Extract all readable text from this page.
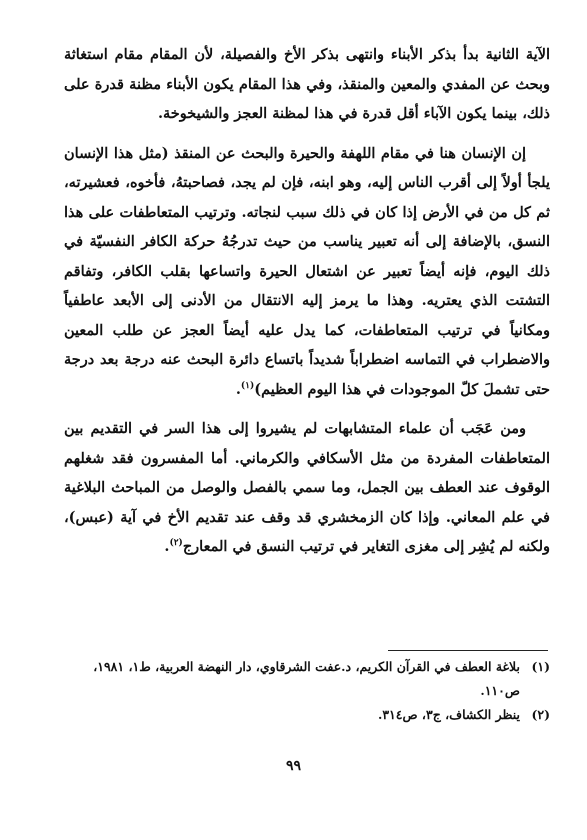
الآية الثانية بدأ بذكر الأبناء وانتهى بذكر الأخ والفصيلة، لأن المقام مقام استغاثة وبحث عن المفدي والمعين والمنقذ، وفي هذا المقام يكون الأبناء مظنة قدرة على ذلك، بينما يكون الآباء أقل قدرة في هذا لمظنة العجز والشيخوخة.

إن الإنسان هنا في مقام اللهفة والحيرة والبحث عن المنقذ (مثل هذا الإنسان يلجأ أولاً إلى أقرب الناس إليه، وهو ابنه، فإن لم يجد، فصاحبتهُ، فأخوه، فعشيرته، ثم كل من في الأرض إذا كان في ذلك سبب لنجاته. وترتيب المتعاطفات على هذا النسق، بالإضافة إلى أنه تعبير يناسب من حيث تدرجُهُ حركة الكافر النفسيّة في ذلك اليوم، فإنه أيضاً تعبير عن اشتعال الحيرة واتساعها بقلب الكافر، وتفاقم التشتت الذي يعتريه. وهذا ما يرمز إليه الانتقال من الأدنى إلى الأبعد عاطفياً ومكانياً في ترتيب المتعاطفات، كما يدل عليه أيضاً العجز عن طلب المعين والاضطراب في التماسه اضطراباً شديداً باتساع دائرة البحث عنه درجة بعد درجة حتى تشملَ كلّ الموجودات في هذا اليوم العظيم)$^{(١)}$.

ومن عَجَب أن علماء المتشابهات لم يشيروا إلى هذا السر في التقديم بين المتعاطفات المفردة من مثل الأسكافي والكرماني. أما المفسرون فقد شغلهم الوقوف عند العطف بين الجمل، وما سمي بالفصل والوصل من المباحث البلاغية في علم المعاني. وإذا كان الزمخشري قد وقف عند تقديم الأخ في آية (عبس)، ولكنه لم يُشِر إلى مغزى التغاير في ترتيب النسق في المعارج$^{(٢)}$.

(١)
بلاغة العطف في القرآن الكريم، د.عفت الشرقاوي، دار النهضة العربية، ط١، ١٩٨١، ص١١٠.
(٢)
ينظر الكشاف، ج٣، ص٣١٤.
٩٩
